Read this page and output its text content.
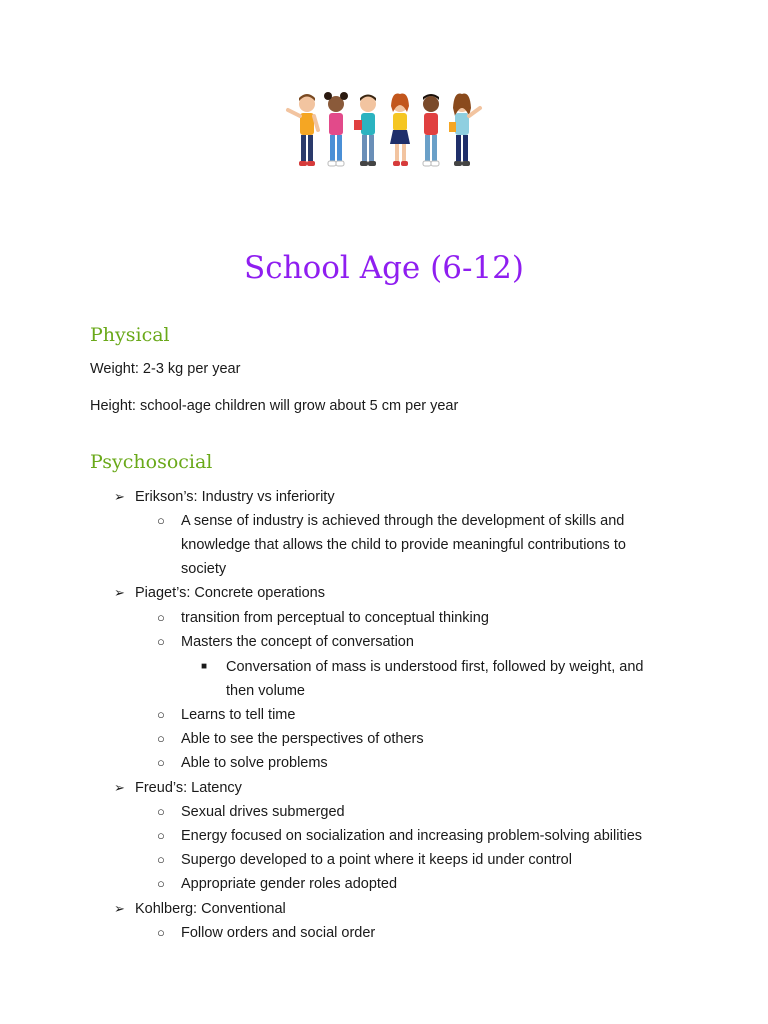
School Age (6-12)
Physical

Weight: 2-3 kg per year

Height: school-age children will grow about 5 cm per year

Psychosocial
➢ Erikson’s: Industry vs inferiority
○ A sense of industry is achieved through the development of skills and
knowledge that allows the child to provide meaningful contributions to
society
➢ Piaget’s: Concrete operations
○ transition from perceptual to conceptual thinking
○ Masters the concept of conversation
■ Conversation of mass is understood first, followed by weight, and
then volume
○ Learns to tell time
○ Able to see the perspectives of others
○ Able to solve problems
➢ Freud’s: Latency
○ Sexual drives submerged
○ Energy focused on socialization and increasing problem-solving abilities
○ Supergo developed to a point where it keeps id under control
○ Appropriate gender roles adopted
➢ Kohlberg: Conventional
○ Follow orders and social order
